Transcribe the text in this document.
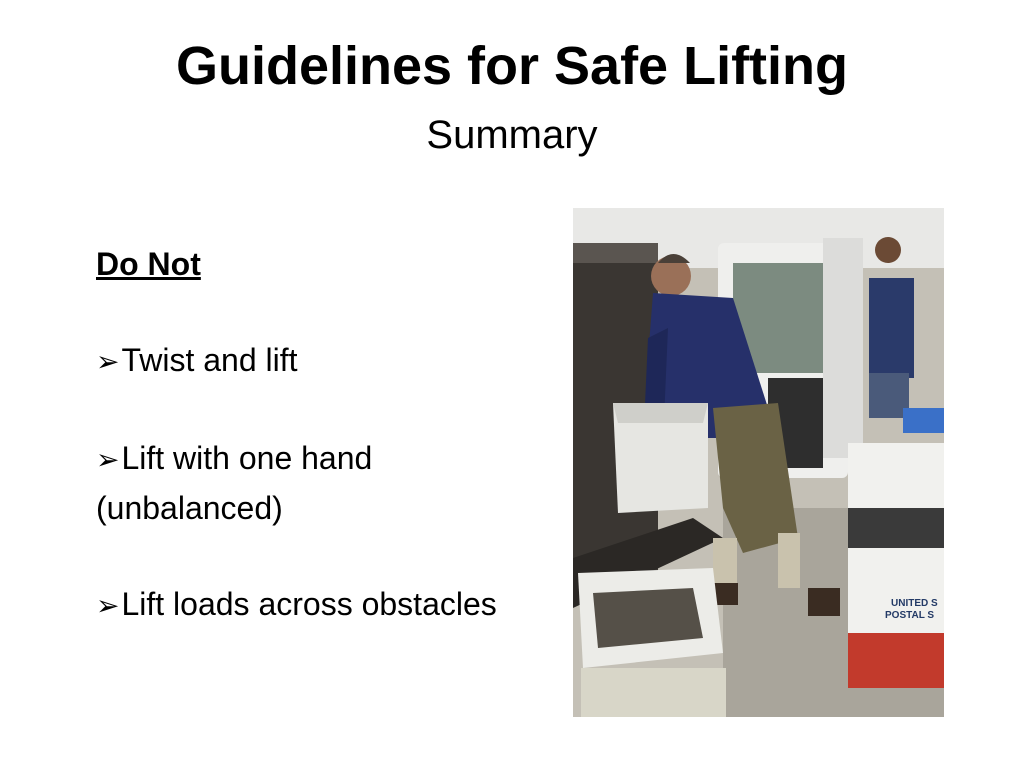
Guidelines for Safe Lifting
Summary
Do Not
➢Twist and lift
➢Lift with one hand (unbalanced)
➢Lift loads across obstacles	UNITED S
POSTAL S
